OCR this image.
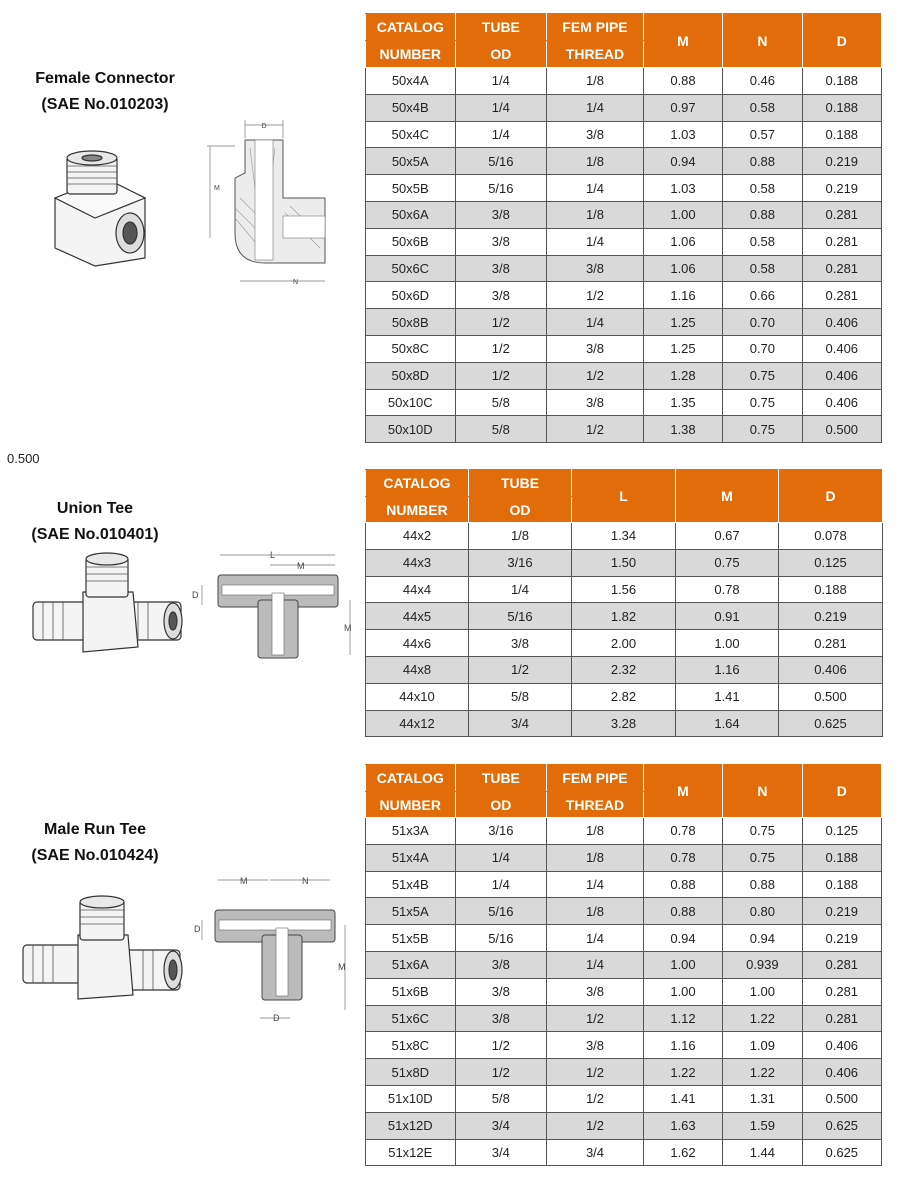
Female Connector
(SAE No.010203)
D
M
N
CATALOG	TUBE	FEM PIPE	M	N	D
NUMBER	OD	THREAD			
50x4A	1/4	1/8	0.88	0.46	0.188
50x4B	1/4	1/4	0.97	0.58	0.188
50x4C	1/4	3/8	1.03	0.57	0.188
50x5A	5/16	1/8	0.94	0.88	0.219
50x5B	5/16	1/4	1.03	0.58	0.219
50x6A	3/8	1/8	1.00	0.88	0.281
50x6B	3/8	1/4	1.06	0.58	0.281
50x6C	3/8	3/8	1.06	0.58	0.281
50x6D	3/8	1/2	1.16	0.66	0.281
50x8B	1/2	1/4	1.25	0.70	0.406
50x8C	1/2	3/8	1.25	0.70	0.406
50x8D	1/2	1/2	1.28	0.75	0.406
50x10C	5/8	3/8	1.35	0.75	0.406
50x10D	5/8	1/2	1.38	0.75	0.500
0.500
Union Tee
(SAE No.010401)
L
M
D
M
CATALOG	TUBE	L	M	D
NUMBER	OD			
44x2	1/8	1.34	0.67	0.078
44x3	3/16	1.50	0.75	0.125
44x4	1/4	1.56	0.78	0.188
44x5	5/16	1.82	0.91	0.219
44x6	3/8	2.00	1.00	0.281
44x8	1/2	2.32	1.16	0.406
44x10	5/8	2.82	1.41	0.500
44x12	3/4	3.28	1.64	0.625
Male Run Tee
(SAE No.010424)
M	N
D
M
D
CATALOG	TUBE	FEM PIPE	M	N	D
NUMBER	OD	THREAD			
51x3A	3/16	1/8	0.78	0.75	0.125
51x4A	1/4	1/8	0.78	0.75	0.188
51x4B	1/4	1/4	0.88	0.88	0.188
51x5A	5/16	1/8	0.88	0.80	0.219
51x5B	5/16	1/4	0.94	0.94	0.219
51x6A	3/8	1/4	1.00	0.939	0.281
51x6B	3/8	3/8	1.00	1.00	0.281
51x6C	3/8	1/2	1.12	1.22	0.281
51x8C	1/2	3/8	1.16	1.09	0.406
51x8D	1/2	1/2	1.22	1.22	0.406
51x10D	5/8	1/2	1.41	1.31	0.500
51x12D	3/4	1/2	1.63	1.59	0.625
51x12E	3/4	3/4	1.62	1.44	0.625
